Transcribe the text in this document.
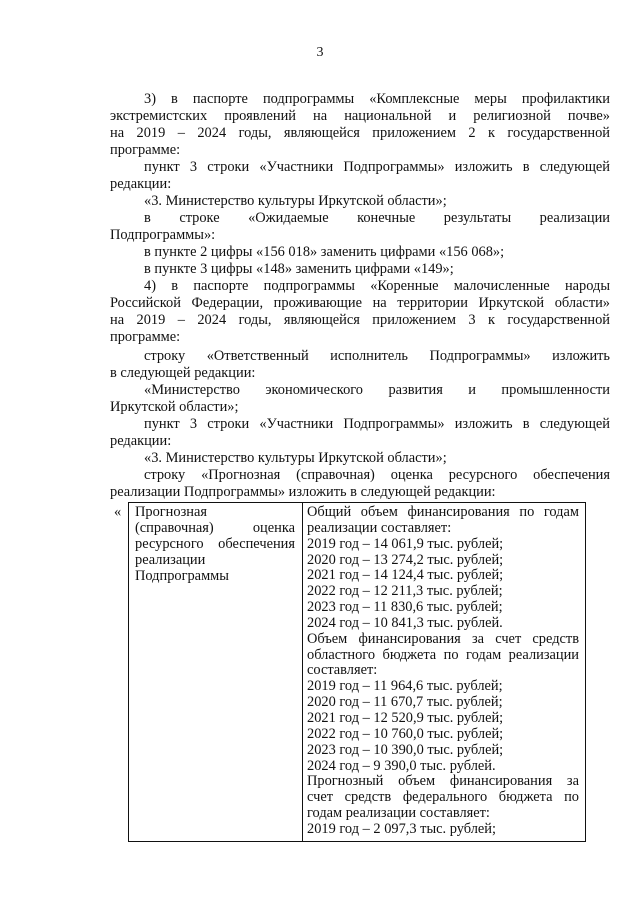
3
3) в паспорте подпрограммы «Комплексные меры профилактики
экстремистских проявлений на национальной и религиозной почве»
на 2019 – 2024 годы, являющейся приложением 2 к государственной
программе:
пункт 3 строки «Участники Подпрограммы» изложить в следующей
редакции:
«3. Министерство культуры Иркутской области»;
в строке «Ожидаемые конечные результаты реализации
Подпрограммы»:
в пункте 2 цифры «156 018» заменить цифрами «156 068»;
в пункте 3 цифры «148» заменить цифрами «149»;
4) в паспорте подпрограммы «Коренные малочисленные народы
Российской Федерации, проживающие на территории Иркутской области»
на 2019 – 2024 годы, являющейся приложением 3 к государственной
программе:
строку «Ответственный исполнитель Подпрограммы» изложить
в следующей редакции:
«Министерство экономического развития и промышленности
Иркутской области»;
пункт 3 строки «Участники Подпрограммы» изложить в следующей
редакции:
«3. Министерство культуры Иркутской области»;
строку «Прогнозная (справочная) оценка ресурсного обеспечения
реализации Подпрограммы» изложить в следующей редакции:
« Прогнозная
(справочная) оценка
ресурсного обеспечения
реализации
Подпрограммы
Общий объем финансирования по годам
реализации составляет:
2019 год – 14 061,9 тыс. рублей;
2020 год – 13 274,2 тыс. рублей;
2021 год – 14 124,4 тыс. рублей;
2022 год – 12 211,3 тыс. рублей;
2023 год – 11 830,6 тыс. рублей;
2024 год – 10 841,3 тыс. рублей.
Объем финансирования за счет средств
областного бюджета по годам реализации
составляет:
2019 год – 11 964,6 тыс. рублей;
2020 год – 11 670,7 тыс. рублей;
2021 год – 12 520,9 тыс. рублей;
2022 год – 10 760,0 тыс. рублей;
2023 год – 10 390,0 тыс. рублей;
2024 год – 9 390,0 тыс. рублей.
Прогнозный объем финансирования за
счет средств федерального бюджета по
годам реализации составляет:
2019 год – 2 097,3 тыс. рублей;
